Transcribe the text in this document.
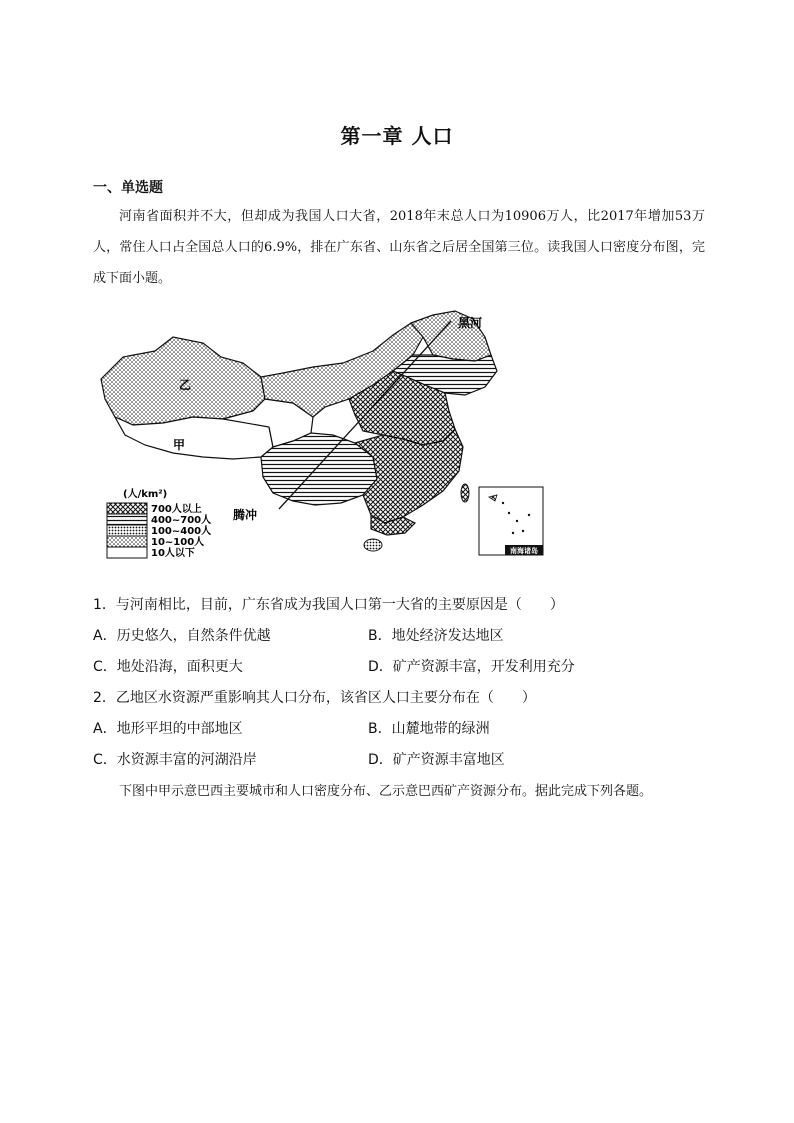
第一章 人口
一、单选题
河南省面积并不大，但却成为我国人口大省，2018年末总人口为10906万人，比2017年增加53万人，常住人口占全国总人口的6.9%，排在广东省、山东省之后居全国第三位。读我国人口密度分布图，完成下面小题。
黑河
乙
甲
腾冲
南海诸岛
(人/km²)
700人以上
400~700人
100~400人
10~100人
10人以下
1．与河南相比，目前，广东省成为我国人口第一大省的主要原因是（　　）
A．历史悠久，自然条件优越	B．地处经济发达地区
C．地处沿海，面积更大	D．矿产资源丰富，开发利用充分
2．乙地区水资源严重影响其人口分布，该省区人口主要分布在（　　）
A．地形平坦的中部地区	B．山麓地带的绿洲
C．水资源丰富的河湖沿岸	D．矿产资源丰富地区
下图中甲示意巴西主要城市和人口密度分布、乙示意巴西矿产资源分布。据此完成下列各题。
